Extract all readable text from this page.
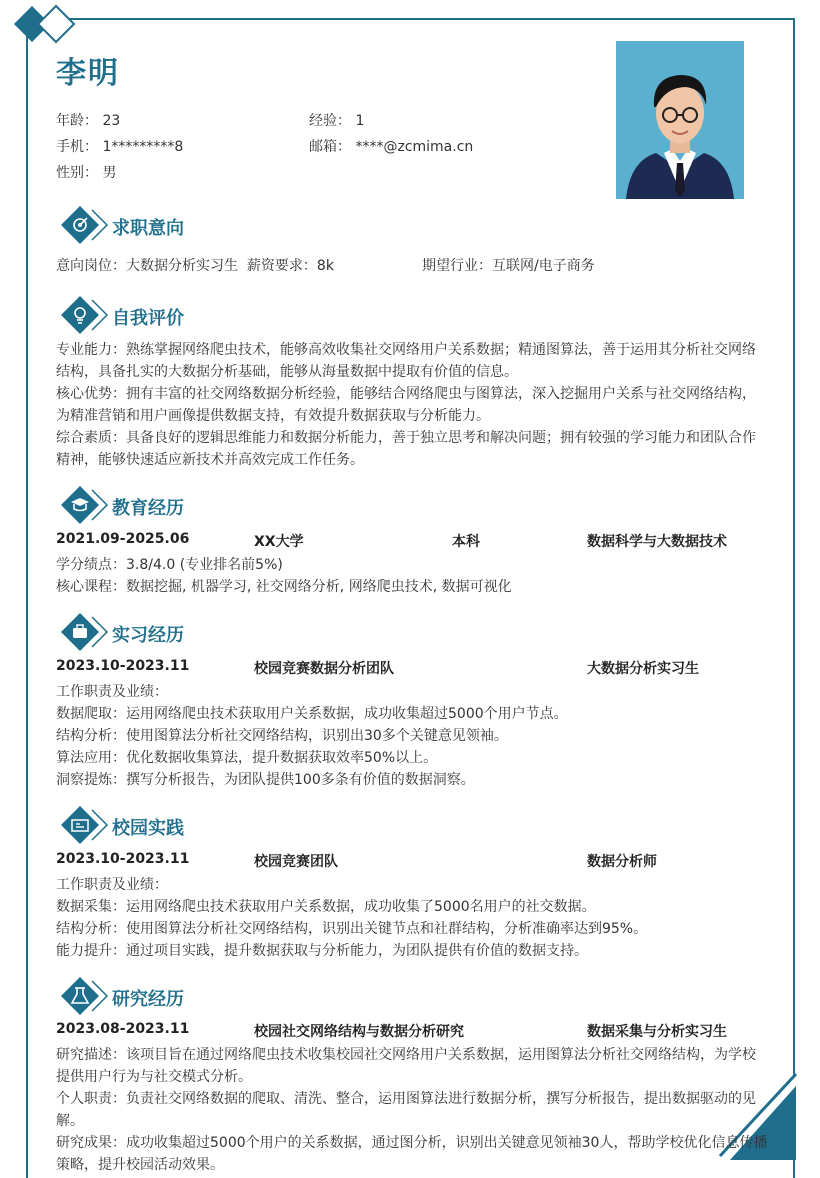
李明
年龄： 23	经验： 1
手机： 1*********8	邮箱： ****@zcmima.cn
性别： 男
求职意向
意向岗位：大数据分析实习生 薪资要求：8k	期望行业：互联网/电子商务
自我评价
专业能力：熟练掌握网络爬虫技术，能够高效收集社交网络用户关系数据；精通图算法，善于运用其分析社交网络结构，具备扎实的大数据分析基础，能够从海量数据中提取有价值的信息。
核心优势：拥有丰富的社交网络数据分析经验，能够结合网络爬虫与图算法，深入挖掘用户关系与社交网络结构，为精准营销和用户画像提供数据支持，有效提升数据获取与分析能力。
综合素质：具备良好的逻辑思维能力和数据分析能力，善于独立思考和解决问题；拥有较强的学习能力和团队合作精神，能够快速适应新技术并高效完成工作任务。
教育经历
2021.09-2025.06	XX大学	本科	数据科学与大数据技术
学分绩点：3.8/4.0 (专业排名前5%)
核心课程：数据挖掘, 机器学习, 社交网络分析, 网络爬虫技术, 数据可视化
实习经历
2023.10-2023.11	校园竞赛数据分析团队	大数据分析实习生
工作职责及业绩：
数据爬取：运用网络爬虫技术获取用户关系数据，成功收集超过5000个用户节点。
结构分析：使用图算法分析社交网络结构，识别出30多个关键意见领袖。
算法应用：优化数据收集算法，提升数据获取效率50%以上。
洞察提炼：撰写分析报告，为团队提供100多条有价值的数据洞察。
校园实践
2023.10-2023.11	校园竞赛团队	数据分析师
工作职责及业绩：
数据采集：运用网络爬虫技术获取用户关系数据，成功收集了5000名用户的社交数据。
结构分析：使用图算法分析社交网络结构，识别出关键节点和社群结构，分析准确率达到95%。
能力提升：通过项目实践，提升数据获取与分析能力，为团队提供有价值的数据支持。
研究经历
2023.08-2023.11	校园社交网络结构与数据分析研究	数据采集与分析实习生
研究描述：该项目旨在通过网络爬虫技术收集校园社交网络用户关系数据，运用图算法分析社交网络结构，为学校提供用户行为与社交模式分析。
个人职责：负责社交网络数据的爬取、清洗、整合，运用图算法进行数据分析，撰写分析报告，提出数据驱动的见解。
研究成果：成功收集超过5000个用户的关系数据，通过图分析，识别出关键意见领袖30人，帮助学校优化信息传播策略，提升校园活动效果。
